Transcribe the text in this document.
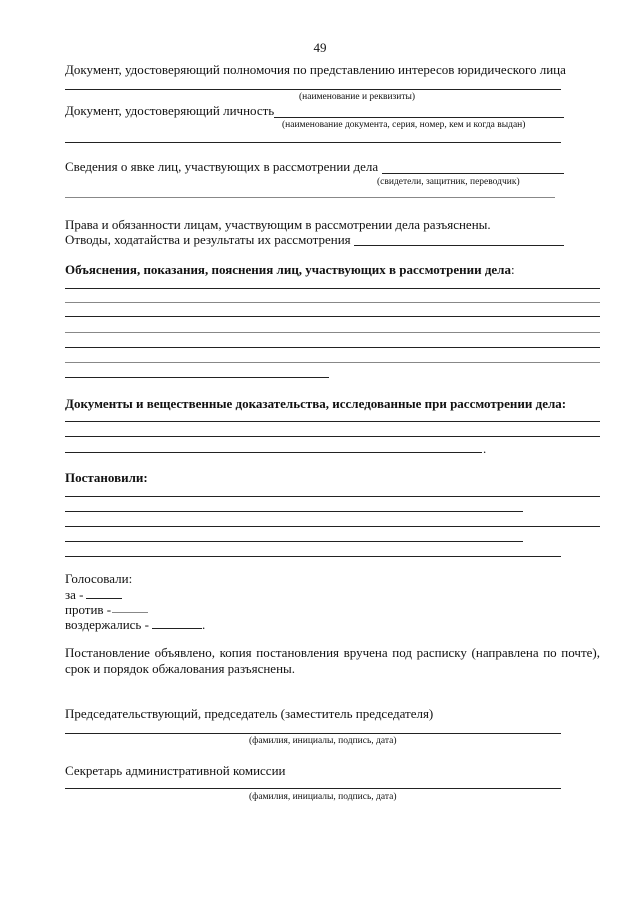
49
Документ, удостоверяющий полномочия по представлению интересов юридического лица
(наименование и реквизиты)
Документ, удостоверяющий личность
(наименование документа, серия, номер, кем и когда выдан)
Сведения о явке лиц, участвующих в рассмотрении дела
(свидетели, защитник, переводчик)
Права и обязанности лицам, участвующим в рассмотрении дела разъяснены.
Отводы, ходатайства и результаты их рассмотрения
Объяснения, показания, пояснения лиц, участвующих в рассмотрении дела:
Документы и вещественные доказательства, исследованные при рассмотрении дела:
.
Постановили:
Голосовали:
за -
против -
воздержались -	.
Постановление объявлено, копия постановления вручена под расписку (направлена по почте), срок и порядок обжалования разъяснены.
Председательствующий, председатель (заместитель председателя)
(фамилия, инициалы, подпись, дата)
Секретарь административной комиссии
(фамилия, инициалы, подпись, дата)
